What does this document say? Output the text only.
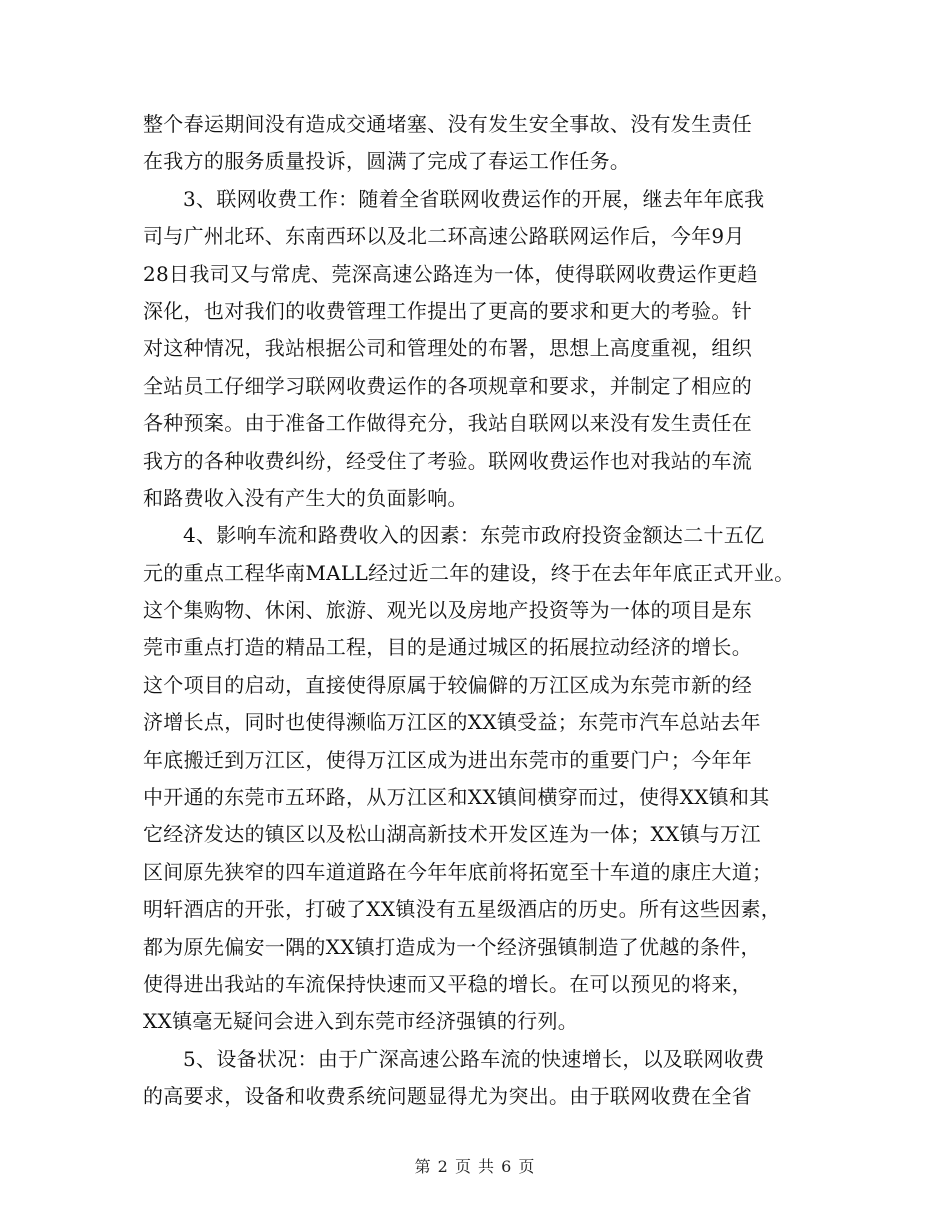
整个春运期间没有造成交通堵塞、没有发生安全事故、没有发生责任
在我方的服务质量投诉，圆满了完成了春运工作任务。
3、联网收费工作：随着全省联网收费运作的开展，继去年年底我
司与广州北环、东南西环以及北二环高速公路联网运作后，今年9月
28日我司又与常虎、莞深高速公路连为一体，使得联网收费运作更趋
深化，也对我们的收费管理工作提出了更高的要求和更大的考验。针
对这种情况，我站根据公司和管理处的布署，思想上高度重视，组织
全站员工仔细学习联网收费运作的各项规章和要求，并制定了相应的
各种预案。由于准备工作做得充分，我站自联网以来没有发生责任在
我方的各种收费纠纷，经受住了考验。联网收费运作也对我站的车流
和路费收入没有产生大的负面影响。
4、影响车流和路费收入的因素：东莞市政府投资金额达二十五亿
元的重点工程华南MALL经过近二年的建设，终于在去年年底正式开业。
这个集购物、休闲、旅游、观光以及房地产投资等为一体的项目是东
莞市重点打造的精品工程，目的是通过城区的拓展拉动经济的增长。
这个项目的启动，直接使得原属于较偏僻的万江区成为东莞市新的经
济增长点，同时也使得濒临万江区的XX镇受益；东莞市汽车总站去年
年底搬迁到万江区，使得万江区成为进出东莞市的重要门户；今年年
中开通的东莞市五环路，从万江区和XX镇间横穿而过，使得XX镇和其
它经济发达的镇区以及松山湖高新技术开发区连为一体；XX镇与万江
区间原先狭窄的四车道道路在今年年底前将拓宽至十车道的康庄大道；
明轩酒店的开张，打破了XX镇没有五星级酒店的历史。所有这些因素，
都为原先偏安一隅的XX镇打造成为一个经济强镇制造了优越的条件，
使得进出我站的车流保持快速而又平稳的增长。在可以预见的将来，
XX镇毫无疑问会进入到东莞市经济强镇的行列。
5、设备状况：由于广深高速公路车流的快速增长，以及联网收费
的高要求，设备和收费系统问题显得尤为突出。由于联网收费在全省
第 2 页 共 6 页
